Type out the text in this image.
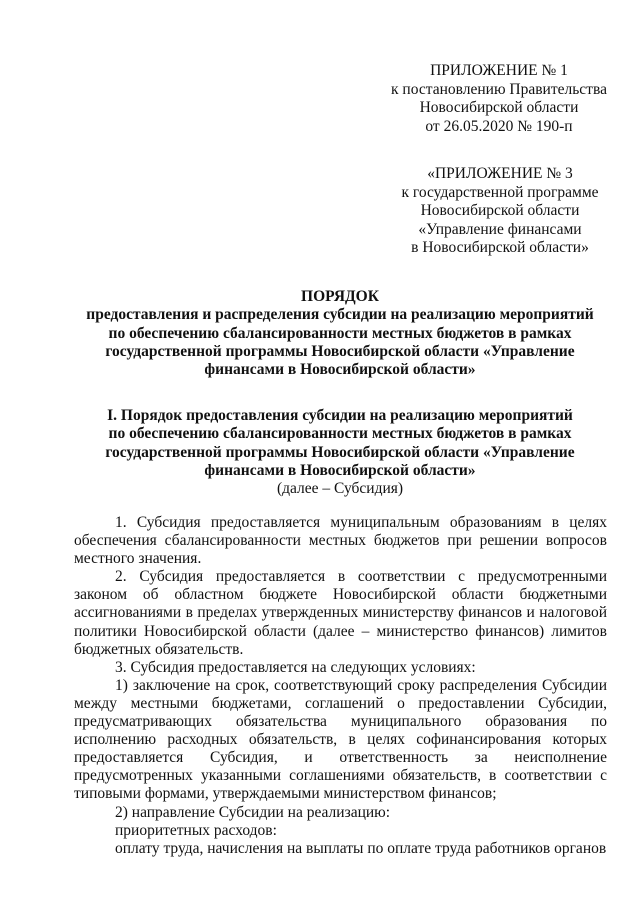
ПРИЛОЖЕНИЕ № 1
к постановлению Правительства
Новосибирской области
от 26.05.2020 № 190-п
«ПРИЛОЖЕНИЕ № 3
к государственной программе
Новосибирской области
«Управление финансами
в Новосибирской области»
ПОРЯДОК
предоставления и распределения субсидии на реализацию мероприятий
по обеспечению сбалансированности местных бюджетов в рамках
государственной программы Новосибирской области «Управление
финансами в Новосибирской области»
I. Порядок предоставления субсидии на реализацию мероприятий
по обеспечению сбалансированности местных бюджетов в рамках
государственной программы Новосибирской области «Управление
финансами в Новосибирской области»
(далее – Субсидия)

1. Субсидия предоставляется муниципальным образованиям в целях обеспечения сбалансированности местных бюджетов при решении вопросов местного значения.

2. Субсидия предоставляется в соответствии с предусмотренными законом об областном бюджете Новосибирской области бюджетными ассигнованиями в пределах утвержденных министерству финансов и налоговой политики Новосибирской области (далее – министерство финансов) лимитов бюджетных обязательств.

3. Субсидия предоставляется на следующих условиях:

1) заключение на срок, соответствующий сроку распределения Субсидии между местными бюджетами, соглашений о предоставлении Субсидии, предусматривающих обязательства муниципального образования по исполнению расходных обязательств, в целях софинансирования которых предоставляется Субсидия, и ответственность за неисполнение предусмотренных указанными соглашениями обязательств, в соответствии с типовыми формами, утверждаемыми министерством финансов;

2) направление Субсидии на реализацию:

приоритетных расходов:

оплату труда, начисления на выплаты по оплате труда работников органов
